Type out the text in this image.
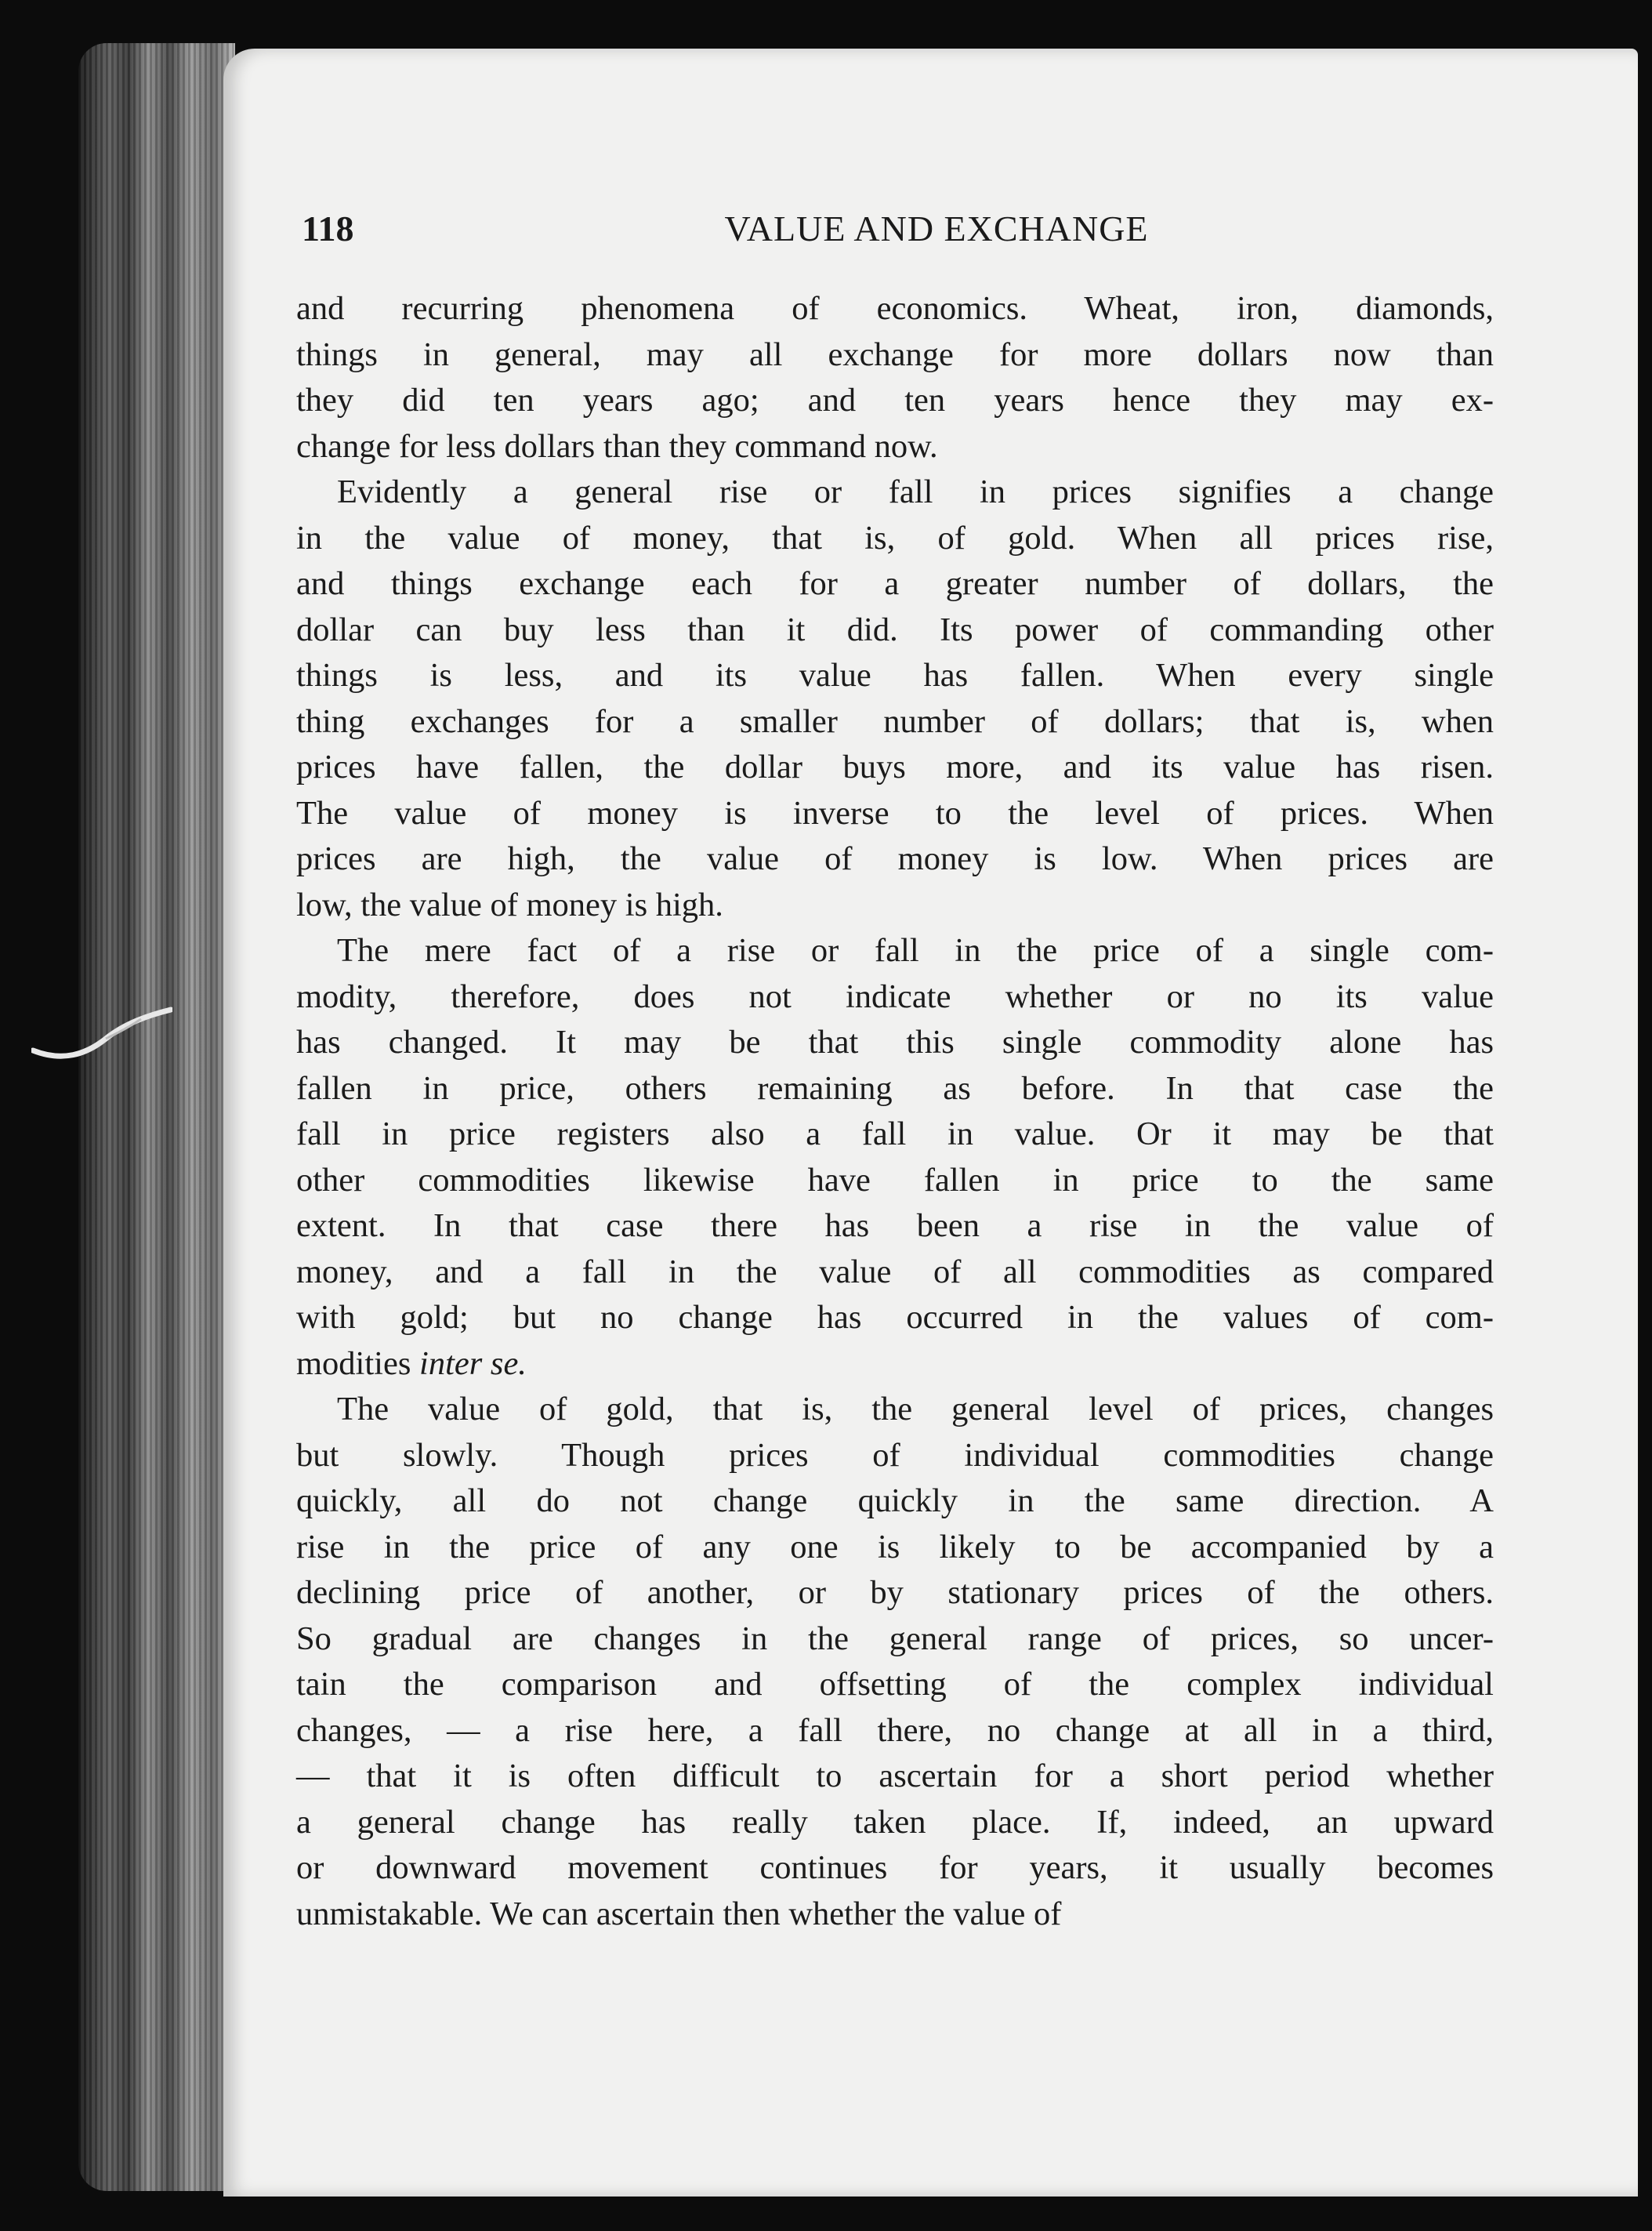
118	VALUE AND EXCHANGE
and recurring phenomena of economics. Wheat, iron, diamonds,
things in general, may all exchange for more dollars now than
they did ten years ago; and ten years hence they may ex-
change for less dollars than they command now.
Evidently a general rise or fall in prices signifies a change
in the value of money, that is, of gold. When all prices rise,
and things exchange each for a greater number of dollars, the
dollar can buy less than it did. Its power of commanding other
things is less, and its value has fallen. When every single
thing exchanges for a smaller number of dollars; that is, when
prices have fallen, the dollar buys more, and its value has risen.
The value of money is inverse to the level of prices. When
prices are high, the value of money is low. When prices are
low, the value of money is high.
The mere fact of a rise or fall in the price of a single com-
modity, therefore, does not indicate whether or no its value
has changed. It may be that this single commodity alone has
fallen in price, others remaining as before. In that case the
fall in price registers also a fall in value. Or it may be that
other commodities likewise have fallen in price to the same
extent. In that case there has been a rise in the value of
money, and a fall in the value of all commodities as compared
with gold; but no change has occurred in the values of com-
modities inter se.
The value of gold, that is, the general level of prices, changes
but slowly. Though prices of individual commodities change
quickly, all do not change quickly in the same direction. A
rise in the price of any one is likely to be accompanied by a
declining price of another, or by stationary prices of the others.
So gradual are changes in the general range of prices, so uncer-
tain the comparison and offsetting of the complex individual
changes, — a rise here, a fall there, no change at all in a third,
— that it is often difficult to ascertain for a short period whether
a general change has really taken place. If, indeed, an upward
or downward movement continues for years, it usually becomes
unmistakable. We can ascertain then whether the value of
